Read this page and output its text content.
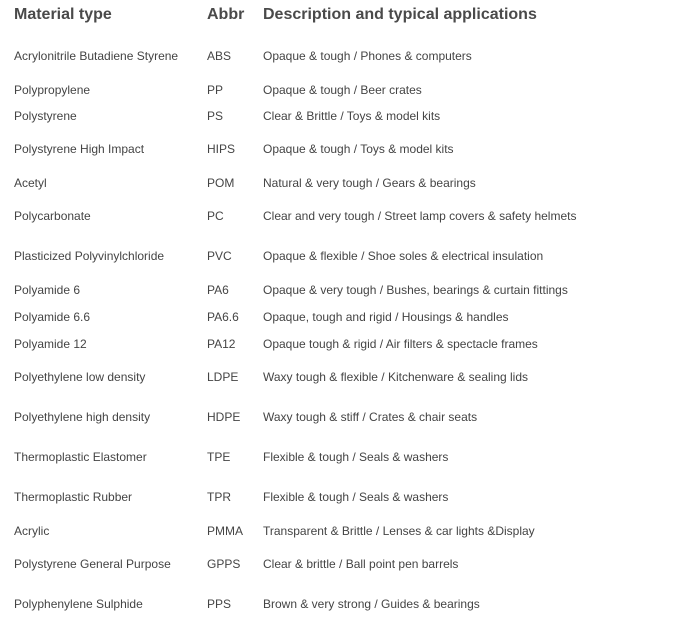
Material type	Abbr Description and typical applications
Acrylonitrile Butadiene Styrene ABS	Opaque & tough / Phones & computers
Polypropylene	PP	Opaque & tough / Beer crates
Polystyrene	PS	Clear & Brittle / Toys & model kits
Polystyrene High Impact	HIPS Opaque & tough / Toys & model kits
Acetyl	POM Natural & very tough / Gears & bearings
Polycarbonate	PC	Clear and very tough / Street lamp covers & safety helmets
Plasticized Polyvinylchloride	PVC	Opaque & flexible / Shoe soles & electrical insulation
Polyamide 6	PA6	Opaque & very tough / Bushes, bearings & curtain fittings
Polyamide 6.6	PA6.6 Opaque, tough and rigid / Housings & handles
Polyamide 12	PA12 Opaque tough & rigid / Air filters & spectacle frames
Polyethylene low density	LDPE Waxy tough & flexible / Kitchenware & sealing lids
Polyethylene high density	HDPE Waxy tough & stiff / Crates & chair seats
Thermoplastic Elastomer	TPE	Flexible & tough / Seals & washers
Thermoplastic Rubber	TPR	Flexible & tough / Seals & washers
Acrylic	PMMA Transparent & Brittle / Lenses & car lights &Display
Polystyrene General Purpose	GPPS Clear & brittle / Ball point pen barrels
Polyphenylene Sulphide	PPS	Brown & very strong / Guides & bearings
